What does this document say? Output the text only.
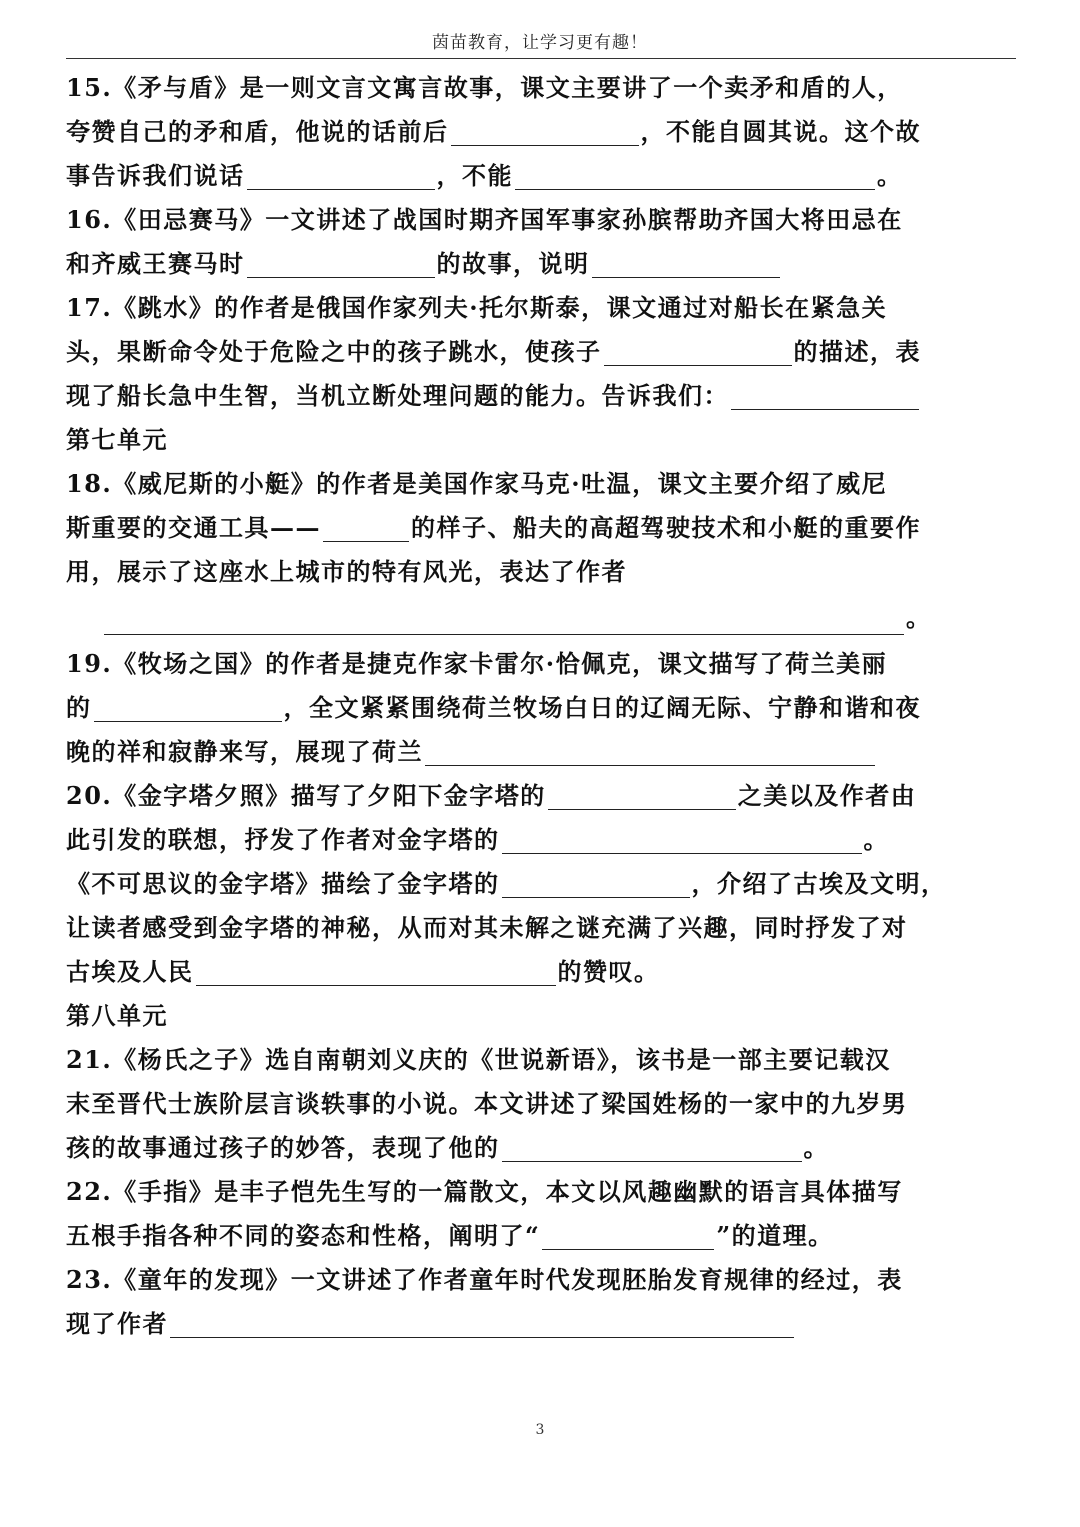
茵苗教育，让学习更有趣！
15.《矛与盾》是一则文言文寓言故事，课文主要讲了一个卖矛和盾的人，
夸赞自己的矛和盾，他说的话前后	，不能自圆其说。这个故
事告诉我们说话	，不能	。
16.《田忌赛马》一文讲述了战国时期齐国军事家孙膑帮助齐国大将田忌在
和齐威王赛马时	的故事，说明
17.《跳水》的作者是俄国作家列夫·托尔斯泰，课文通过对船长在紧急关
头，果断命令处于危险之中的孩子跳水，使孩子	的描述，表
现了船长急中生智，当机立断处理问题的能力。告诉我们：
第七单元
18.《威尼斯的小艇》的作者是美国作家马克·吐温，课文主要介绍了威尼
斯重要的交通工具——	的样子、船夫的高超驾驶技术和小艇的重要作
用，展示了这座水上城市的特有风光，表达了作者
。
19.《牧场之国》的作者是捷克作家卡雷尔·恰佩克，课文描写了荷兰美丽
的	，全文紧紧围绕荷兰牧场白日的辽阔无际、宁静和谐和夜
晚的祥和寂静来写，展现了荷兰
20.《金字塔夕照》描写了夕阳下金字塔的	之美以及作者由
此引发的联想，抒发了作者对金字塔的	。
《不可思议的金字塔》描绘了金字塔的	，介绍了古埃及文明，
让读者感受到金字塔的神秘，从而对其未解之谜充满了兴趣，同时抒发了对
古埃及人民	的赞叹。
第八单元
21.《杨氏之子》选自南朝刘义庆的《世说新语》，该书是一部主要记载汉
末至晋代士族阶层言谈轶事的小说。本文讲述了梁国姓杨的一家中的九岁男
孩的故事通过孩子的妙答，表现了他的	。
22.《手指》是丰子恺先生写的一篇散文，本文以风趣幽默的语言具体描写
五根手指各种不同的姿态和性格，阐明了“	”的道理。
23.《童年的发现》一文讲述了作者童年时代发现胚胎发育规律的经过，表
现了作者
3
